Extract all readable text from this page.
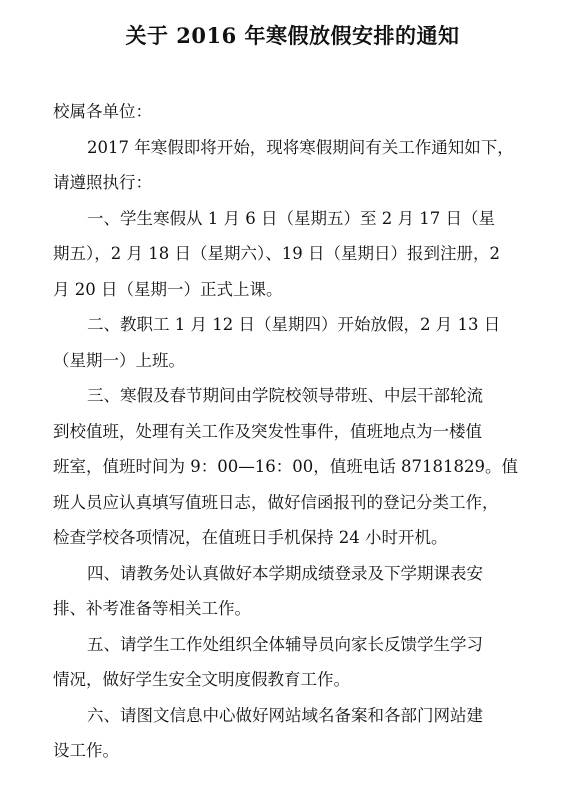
关于 2016 年寒假放假安排的通知
校属各单位：
2017 年寒假即将开始，现将寒假期间有关工作通知如下，
请遵照执行：
一、学生寒假从 1 月 6 日（星期五）至 2 月 17 日（星
期五），2 月 18 日（星期六）、19 日（星期日）报到注册，2
月 20 日（星期一）正式上课。
二、教职工 1 月 12 日（星期四）开始放假，2 月 13 日
（星期一）上班。
三、寒假及春节期间由学院校领导带班、中层干部轮流
到校值班，处理有关工作及突发性事件，值班地点为一楼值
班室，值班时间为 9：00—16：00，值班电话 87181829。值
班人员应认真填写值班日志，做好信函报刊的登记分类工作，
检查学校各项情况，在值班日手机保持 24 小时开机。
四、请教务处认真做好本学期成绩登录及下学期课表安
排、补考准备等相关工作。
五、请学生工作处组织全体辅导员向家长反馈学生学习
情况，做好学生安全文明度假教育工作。
六、请图文信息中心做好网站域名备案和各部门网站建
设工作。
